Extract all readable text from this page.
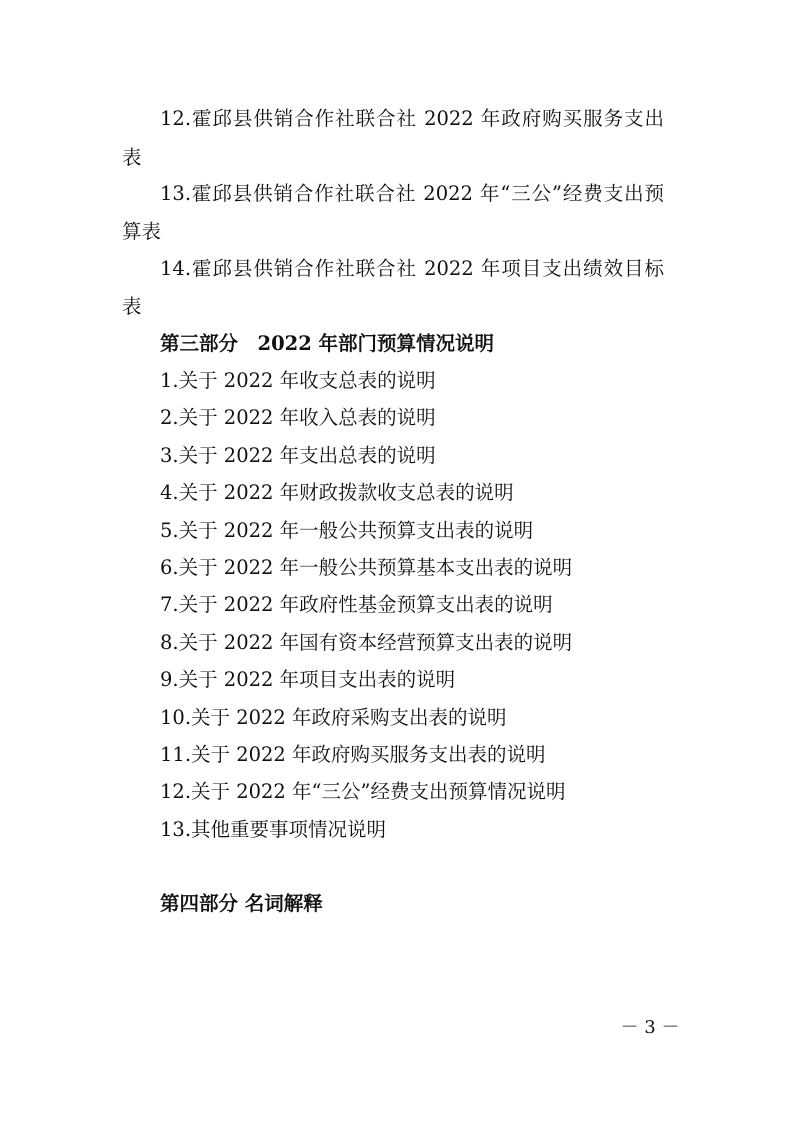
12.霍邱县供销合作社联合社 2022 年政府购买服务支出
表
13.霍邱县供销合作社联合社 2022 年“三公”经费支出预
算表
14.霍邱县供销合作社联合社 2022 年项目支出绩效目标
表
第三部分　2022 年部门预算情况说明
1.关于 2022 年收支总表的说明
2.关于 2022 年收入总表的说明
3.关于 2022 年支出总表的说明
4.关于 2022 年财政拨款收支总表的说明
5.关于 2022 年一般公共预算支出表的说明
6.关于 2022 年一般公共预算基本支出表的说明
7.关于 2022 年政府性基金预算支出表的说明
8.关于 2022 年国有资本经营预算支出表的说明
9.关于 2022 年项目支出表的说明
10.关于 2022 年政府采购支出表的说明
11.关于 2022 年政府购买服务支出表的说明
12.关于 2022 年“三公”经费支出预算情况说明
13.其他重要事项情况说明
第四部分 名词解释
－ 3 －
